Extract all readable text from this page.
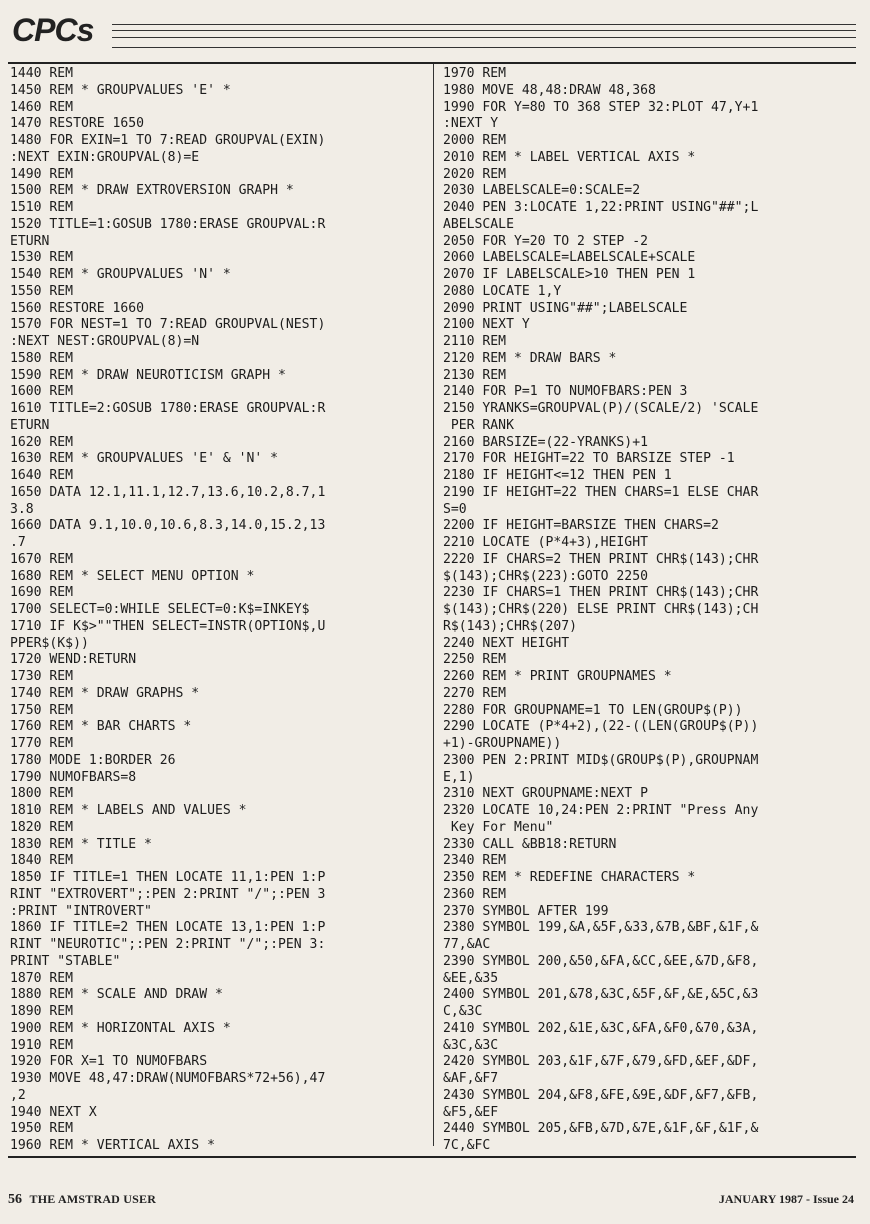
CPCs
1440 REM
1450 REM * GROUPVALUES 'E' *
1460 REM
1470 RESTORE 1650
1480 FOR EXIN=1 TO 7:READ GROUPVAL(EXIN)
:NEXT EXIN:GROUPVAL(8)=E
1490 REM
1500 REM * DRAW EXTROVERSION GRAPH *
1510 REM
1520 TITLE=1:GOSUB 1780:ERASE GROUPVAL:R
ETURN
1530 REM
1540 REM * GROUPVALUES 'N' *
1550 REM
1560 RESTORE 1660
1570 FOR NEST=1 TO 7:READ GROUPVAL(NEST)
:NEXT NEST:GROUPVAL(8)=N
1580 REM
1590 REM * DRAW NEUROTICISM GRAPH *
1600 REM
1610 TITLE=2:GOSUB 1780:ERASE GROUPVAL:R
ETURN
1620 REM
1630 REM * GROUPVALUES 'E' & 'N' *
1640 REM
1650 DATA 12.1,11.1,12.7,13.6,10.2,8.7,1
3.8
1660 DATA 9.1,10.0,10.6,8.3,14.0,15.2,13
.7
1670 REM
1680 REM * SELECT MENU OPTION *
1690 REM
1700 SELECT=0:WHILE SELECT=0:K$=INKEY$
1710 IF K$>""THEN SELECT=INSTR(OPTION$,U
PPER$(K$))
1720 WEND:RETURN
1730 REM
1740 REM * DRAW GRAPHS *
1750 REM
1760 REM * BAR CHARTS *
1770 REM
1780 MODE 1:BORDER 26
1790 NUMOFBARS=8
1800 REM
1810 REM * LABELS AND VALUES *
1820 REM
1830 REM * TITLE *
1840 REM
1850 IF TITLE=1 THEN LOCATE 11,1:PEN 1:P
RINT "EXTROVERT";:PEN 2:PRINT "/";:PEN 3
:PRINT "INTROVERT"
1860 IF TITLE=2 THEN LOCATE 13,1:PEN 1:P
RINT "NEUROTIC";:PEN 2:PRINT "/";:PEN 3:
PRINT "STABLE"
1870 REM
1880 REM * SCALE AND DRAW *
1890 REM
1900 REM * HORIZONTAL AXIS *
1910 REM
1920 FOR X=1 TO NUMOFBARS
1930 MOVE 48,47:DRAW(NUMOFBARS*72+56),47
,2
1940 NEXT X
1950 REM
1960 REM * VERTICAL AXIS *
1970 REM
1980 MOVE 48,48:DRAW 48,368
1990 FOR Y=80 TO 368 STEP 32:PLOT 47,Y+1
:NEXT Y
2000 REM
2010 REM * LABEL VERTICAL AXIS *
2020 REM
2030 LABELSCALE=0:SCALE=2
2040 PEN 3:LOCATE 1,22:PRINT USING"##";L
ABELSCALE
2050 FOR Y=20 TO 2 STEP -2
2060 LABELSCALE=LABELSCALE+SCALE
2070 IF LABELSCALE>10 THEN PEN 1
2080 LOCATE 1,Y
2090 PRINT USING"##";LABELSCALE
2100 NEXT Y
2110 REM
2120 REM * DRAW BARS *
2130 REM
2140 FOR P=1 TO NUMOFBARS:PEN 3
2150 YRANKS=GROUPVAL(P)/(SCALE/2) 'SCALE
PER RANK
2160 BARSIZE=(22-YRANKS)+1
2170 FOR HEIGHT=22 TO BARSIZE STEP -1
2180 IF HEIGHT<=12 THEN PEN 1
2190 IF HEIGHT=22 THEN CHARS=1 ELSE CHAR
S=0
2200 IF HEIGHT=BARSIZE THEN CHARS=2
2210 LOCATE (P*4+3),HEIGHT
2220 IF CHARS=2 THEN PRINT CHR$(143);CHR
$(143);CHR$(223):GOTO 2250
2230 IF CHARS=1 THEN PRINT CHR$(143);CHR
$(143);CHR$(220) ELSE PRINT CHR$(143);CH
R$(143);CHR$(207)
2240 NEXT HEIGHT
2250 REM
2260 REM * PRINT GROUPNAMES *
2270 REM
2280 FOR GROUPNAME=1 TO LEN(GROUP$(P))
2290 LOCATE (P*4+2),(22-((LEN(GROUP$(P))
+1)-GROUPNAME))
2300 PEN 2:PRINT MID$(GROUP$(P),GROUPNAM
E,1)
2310 NEXT GROUPNAME:NEXT P
2320 LOCATE 10,24:PEN 2:PRINT "Press Any
Key For Menu"
2330 CALL &BB18:RETURN
2340 REM
2350 REM * REDEFINE CHARACTERS *
2360 REM
2370 SYMBOL AFTER 199
2380 SYMBOL 199,&A,&5F,&33,&7B,&BF,&1F,&
77,&AC
2390 SYMBOL 200,&50,&FA,&CC,&EE,&7D,&F8,
&EE,&35
2400 SYMBOL 201,&78,&3C,&5F,&F,&E,&5C,&3
C,&3C
2410 SYMBOL 202,&1E,&3C,&FA,&F0,&70,&3A,
&3C,&3C
2420 SYMBOL 203,&1F,&7F,&79,&FD,&EF,&DF,
&AF,&F7
2430 SYMBOL 204,&F8,&FE,&9E,&DF,&F7,&FB,
&F5,&EF
2440 SYMBOL 205,&FB,&7D,&7E,&1F,&F,&1F,&
7C,&FC
56 THE AMSTRAD USER	JANUARY 1987 - Issue 24
